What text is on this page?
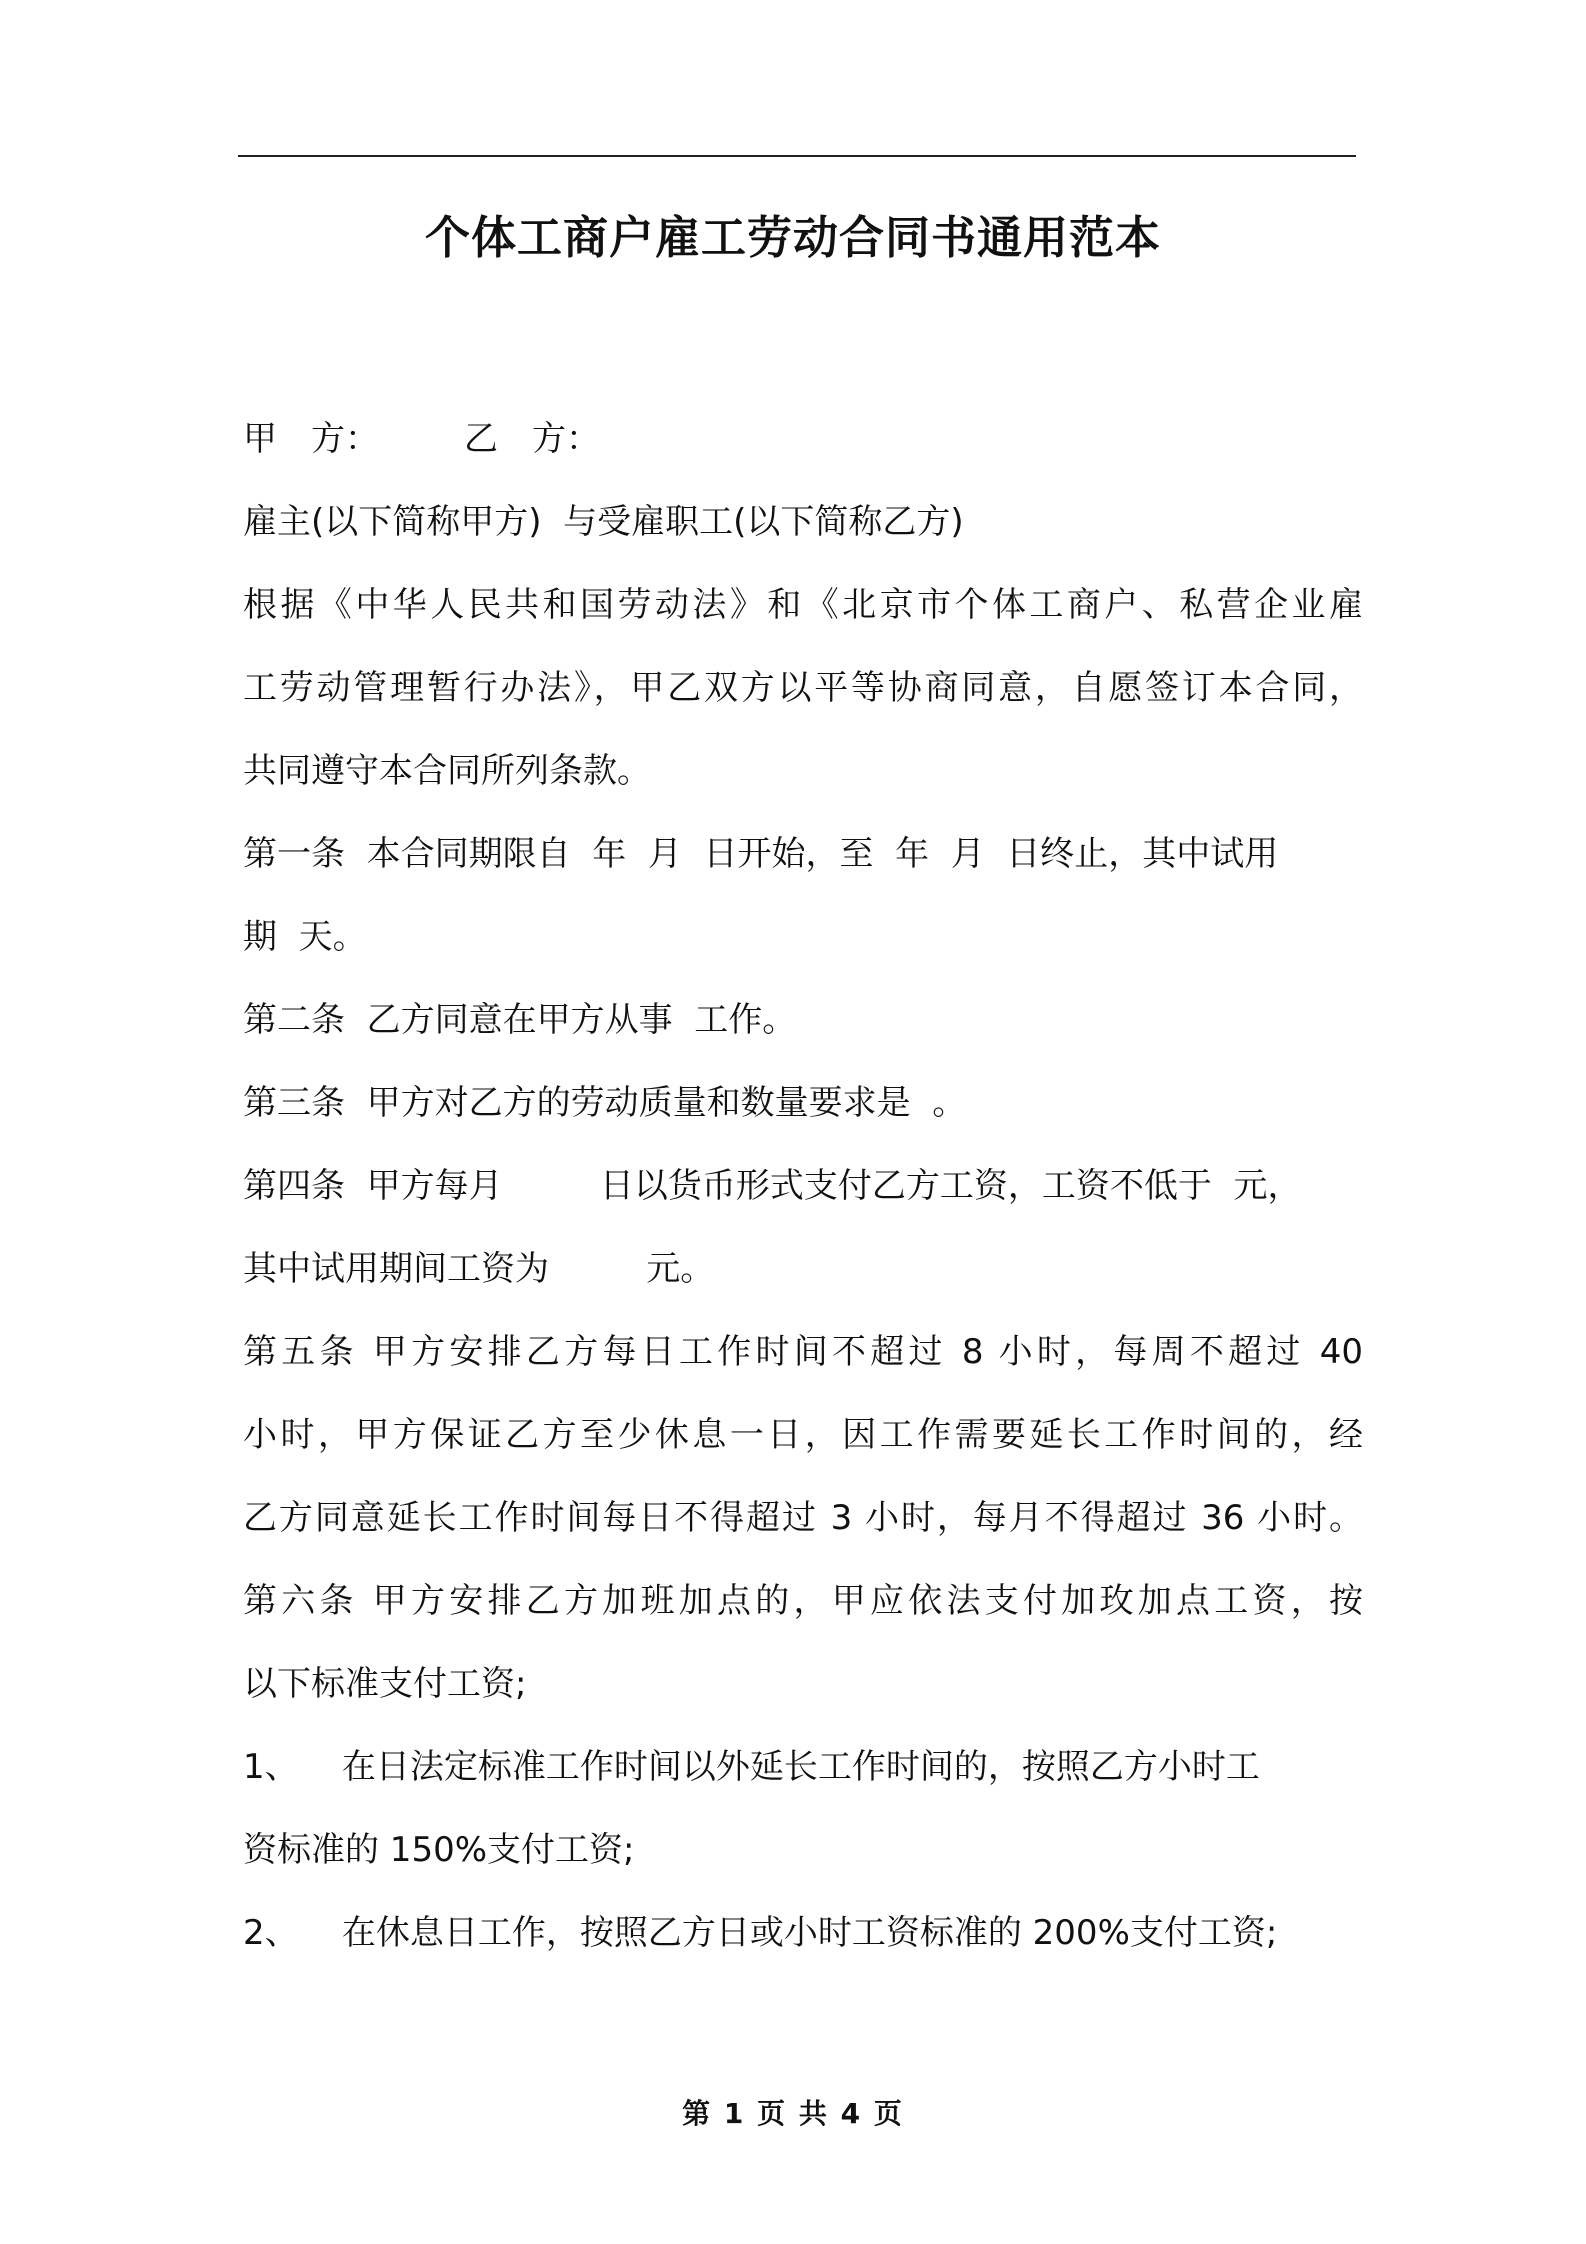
个体工商户雇工劳动合同书通用范本
甲　方：　　　乙　方：
雇主(以下简称甲方)  与受雇职工(以下简称乙方)
根据《中华人民共和国劳动法》和《北京市个体工商户、私营企业雇
工劳动管理暂行办法》，甲乙双方以平等协商同意，自愿签订本合同，
共同遵守本合同所列条款。
第一条  本合同期限自  年  月  日开始，至  年  月  日终止，其中试用
期  天。
第二条  乙方同意在甲方从事  工作。
第三条  甲方对乙方的劳动质量和数量要求是  。
第四条  甲方每月         日以货币形式支付乙方工资，工资不低于  元，
其中试用期间工资为         元。
第五条 甲方安排乙方每日工作时间不超过 8 小时，每周不超过 40
小时，甲方保证乙方至少休息一日，因工作需要延长工作时间的，经
乙方同意延长工作时间每日不得超过 3 小时，每月不得超过 36 小时。
第六条 甲方安排乙方加班加点的，甲应依法支付加玫加点工资，按
以下标准支付工资;
1、    在日法定标准工作时间以外延长工作时间的，按照乙方小时工
资标准的 150%支付工资;
2、    在休息日工作，按照乙方日或小时工资标准的 200%支付工资;
第 1 页 共 4 页
